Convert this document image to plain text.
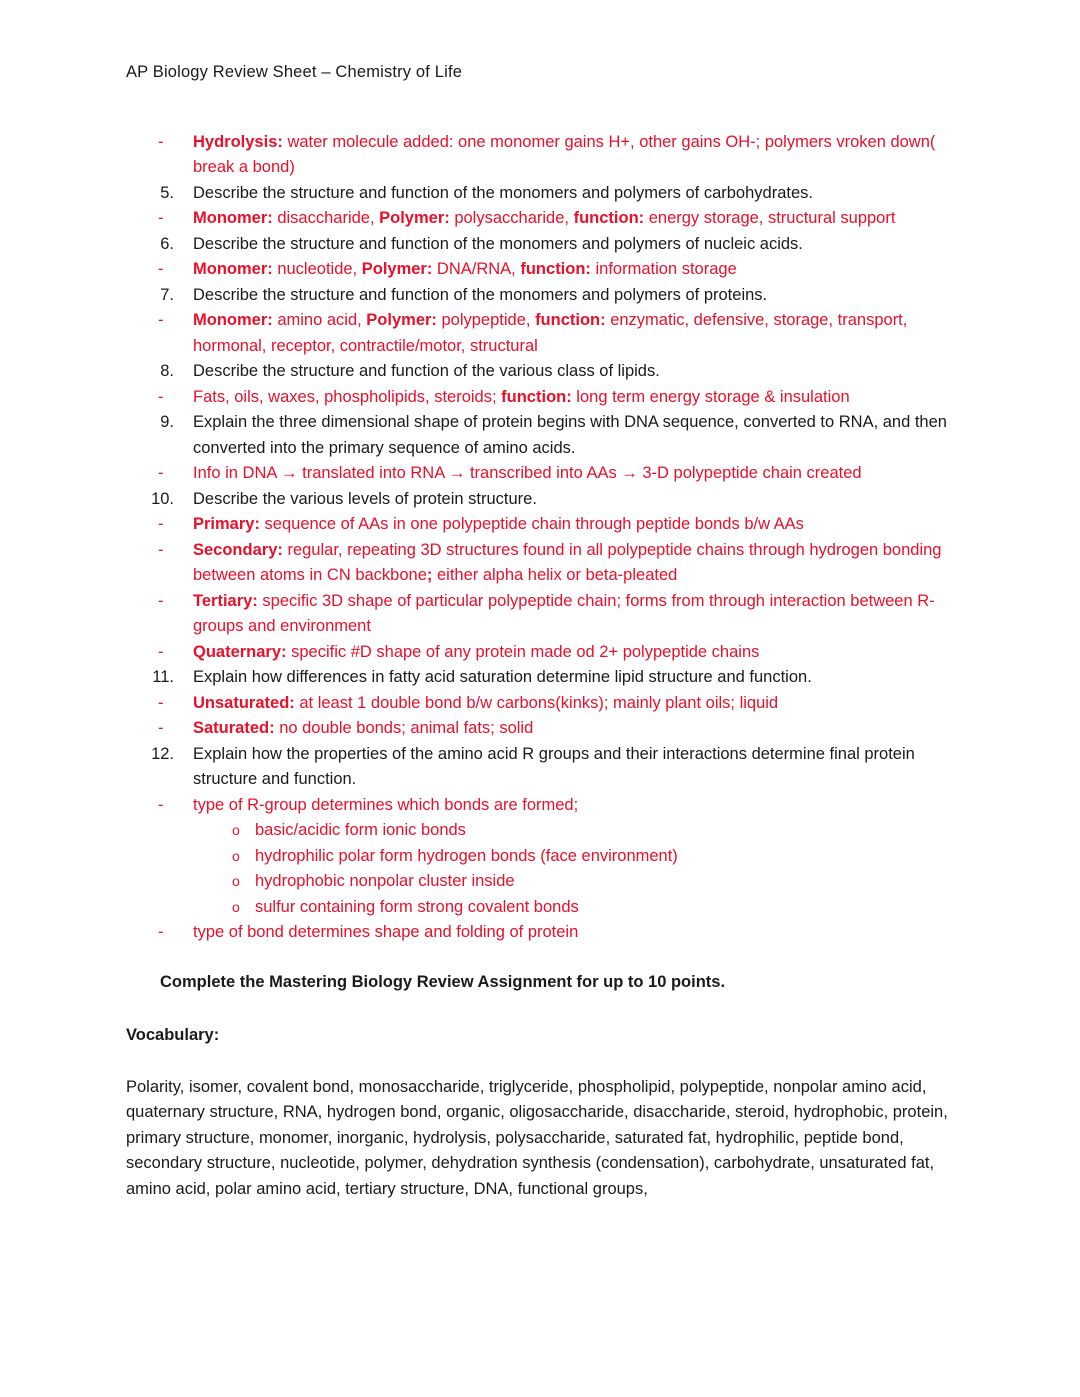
AP Biology Review Sheet – Chemistry of Life
-	Hydrolysis: water molecule added: one monomer gains H+, other gains OH-; polymers vroken down( break a bond)
5. Describe the structure and function of the monomers and polymers of carbohydrates.
-	Monomer: disaccharide, Polymer: polysaccharide, function: energy storage, structural support
6. Describe the structure and function of the monomers and polymers of nucleic acids.
-	Monomer: nucleotide, Polymer: DNA/RNA, function: information storage
7. Describe the structure and function of the monomers and polymers of proteins.
-	Monomer: amino acid, Polymer: polypeptide, function: enzymatic, defensive, storage, transport, hormonal, receptor, contractile/motor, structural
8. Describe the structure and function of the various class of lipids.
-	Fats, oils, waxes, phospholipids, steroids; function: long term energy storage & insulation
9. Explain the three dimensional shape of protein begins with DNA sequence, converted to RNA, and then converted into the primary sequence of amino acids.
-	Info in DNA → translated into RNA → transcribed into AAs → 3-D polypeptide chain created
10. Describe the various levels of protein structure.
-	Primary: sequence of AAs in one polypeptide chain through peptide bonds b/w AAs
-	Secondary: regular, repeating 3D structures found in all polypeptide chains through hydrogen bonding between atoms in CN backbone; either alpha helix or beta-pleated
-	Tertiary: specific 3D shape of particular polypeptide chain; forms from through interaction between R-groups and environment
-	Quaternary: specific #D shape of any protein made od 2+ polypeptide chains
11. Explain how differences in fatty acid saturation determine lipid structure and function.
-	Unsaturated: at least 1 double bond b/w carbons(kinks); mainly plant oils; liquid
-	Saturated: no double bonds; animal fats; solid
12. Explain how the properties of the amino acid R groups and their interactions determine final protein structure and function.
-	type of R-group determines which bonds are formed;
o basic/acidic form ionic bonds
o hydrophilic polar form hydrogen bonds (face environment)
o hydrophobic nonpolar cluster inside
o sulfur containing form strong covalent bonds
-	type of bond determines shape and folding of protein
Complete the Mastering Biology Review Assignment for up to 10 points.
Vocabulary:
Polarity, isomer, covalent bond, monosaccharide, triglyceride, phospholipid, polypeptide, nonpolar amino acid, quaternary structure, RNA, hydrogen bond, organic, oligosaccharide, disaccharide, steroid, hydrophobic, protein, primary structure, monomer, inorganic, hydrolysis, polysaccharide, saturated fat, hydrophilic, peptide bond, secondary structure, nucleotide, polymer, dehydration synthesis (condensation), carbohydrate, unsaturated fat, amino acid, polar amino acid, tertiary structure, DNA, functional groups,
